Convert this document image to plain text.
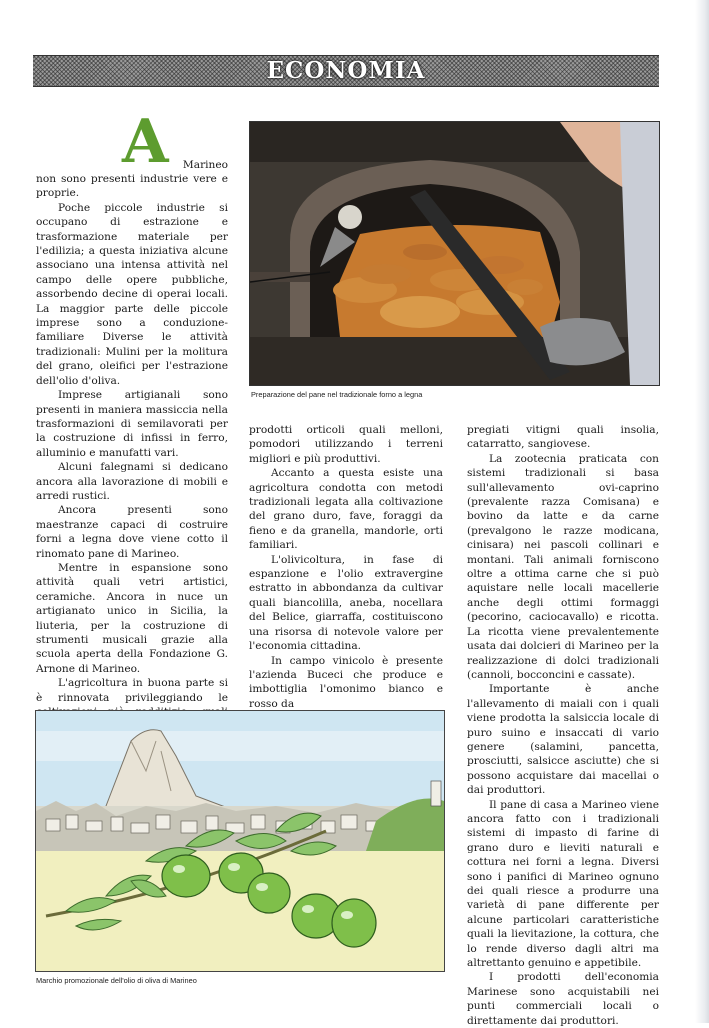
ECONOMIA
A Marineo

non sono presenti industrie vere e proprie.

Poche piccole industrie si occupano di estrazione e trasformazione materiale per l'edilizia; a questa iniziativa alcune associano una intensa attività nel campo delle opere pubbliche, assorbendo decine di operai locali. La maggior parte delle piccole imprese sono a conduzione-familiare Diverse le attività tradizionali: Mulini per la molitura del grano, oleifici per l'estrazione dell'olio d'oliva.

Imprese artigianali sono presenti in maniera massiccia nella trasformazioni di semilavorati per la costruzione di infissi in ferro, alluminio e manufatti vari.

Alcuni falegnami si dedicano ancora alla lavorazione di mobili e arredi rustici.

Ancora presenti sono maestranze capaci di costruire forni a legna dove viene cotto il rinomato pane di Marineo.

Mentre in espansione sono attività quali vetri artistici, ceramiche. Ancora in nuce un artigianato unico in Sicilia, la liuteria, per la costruzione di strumenti musicali grazie alla scuola aperta della Fondazione G. Arnone di Marineo.

L'agricoltura in buona parte si è rinnovata privileggiando le

Preparazione del pane nel tradizionale forno a legna

prodotti orticoli quali melloni, pomodori utilizzando i terreni migliori e più produttivi.

Accanto a questa esiste una agricoltura condotta con metodi tradizionali legata alla coltivazione del grano duro, fave, foraggi da fieno e da granella, mandorle, orti familiari.

L'olivicoltura, in fase di espanzione e l'olio extravergine estratto in abbondanza da cultivar quali biancolilla, aneba, nocellara del Belice, giarraffa, costituiscono una risorsa di notevole valore per l'economia cittadina.

In campo vinicolo è presente l'azienda Buceci che produce e imbottiglia l'omonimo bianco e rosso da

pregiati vitigni quali insolia, catarratto, sangiovese.

La zootecnia praticata con sistemi tradizionali si basa sull'allevamento ovi-caprino (prevalente razza Comisana) e bovino da latte e da carne (prevalgono le razze modicana, cinisara) nei pascoli collinari e montani. Tali animali forniscono oltre a ottima carne che si può aquistare nelle locali macellerie anche degli ottimi formaggi (pecorino, caciocavallo) e ricotta. La ricotta viene prevalentemente usata dai dolcieri di Marineo per la realizzazione di dolci tradizionali (cannoli, bocconcini e cassate).

Importante è anche l'allevamento di maiali con i quali viene prodotta la salsiccia locale di puro suino e insaccati di vario genere (salamini, pancetta, prosciutti, salsicce asciutte) che si possono acquistare dai macellai o dai produttori.

Il pane di casa a Marineo viene ancora fatto con i tradizionali sistemi di impasto di farine di grano duro e lieviti naturali e cottura nei forni a legna. Diversi sono i panifici di Marineo ognuno dei quali riesce a produrre una varietà di pane differente per alcune particolari caratteristiche quali la lievitazione, la cottura, che lo rende diverso dagli altri ma altrettanto genuino e appetibile.

I prodotti dell'economia Marinese sono acquistabili nei punti commerciali locali o direttamente dai produttori.

Marchio promozionale dell'olio di oliva di Marineo
